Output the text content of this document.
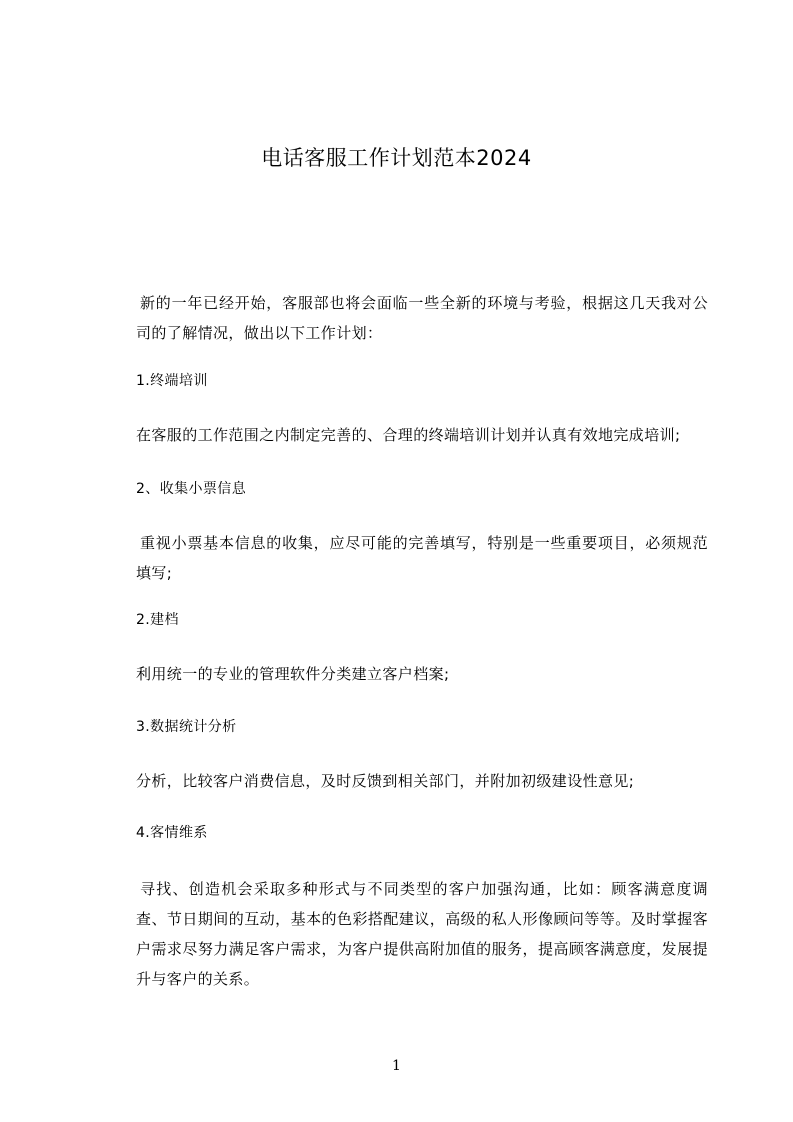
电话客服工作计划范本2024

新的一年已经开始，客服部也将会面临一些全新的环境与考验，根据这几天我对公司的了解情况，做出以下工作计划：

1.终端培训

在客服的工作范围之内制定完善的、合理的终端培训计划并认真有效地完成培训;

2、收集小票信息

重视小票基本信息的收集，应尽可能的完善填写，特别是一些重要项目，必须规范填写;

2.建档

利用统一的专业的管理软件分类建立客户档案;

3.数据统计分析

分析，比较客户消费信息，及时反馈到相关部门，并附加初级建设性意见;

4.客情维系

寻找、创造机会采取多种形式与不同类型的客户加强沟通，比如：顾客满意度调查、节日期间的互动，基本的色彩搭配建议，高级的私人形像顾问等等。及时掌握客户需求尽努力满足客户需求，为客户提供高附加值的服务，提高顾客满意度，发展提升与客户的关系。

1
